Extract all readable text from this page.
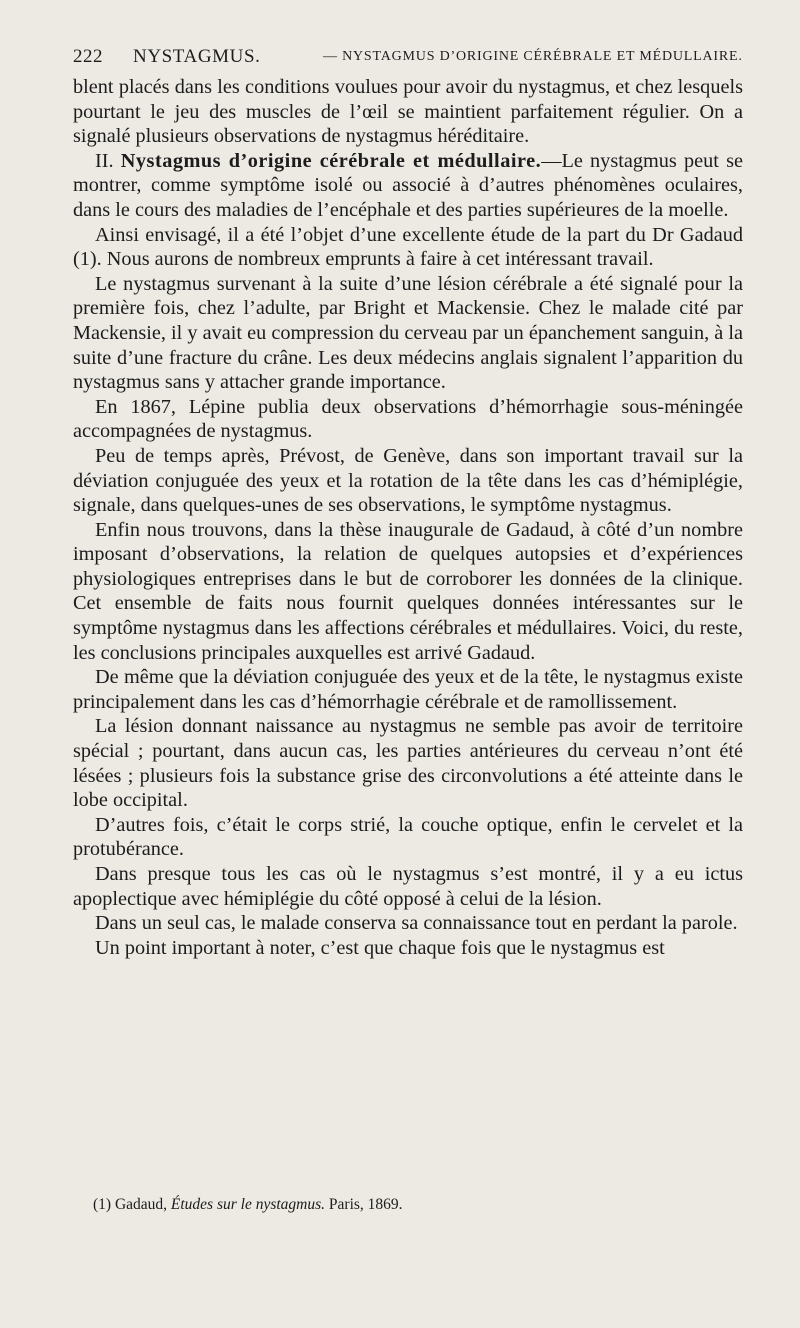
222 NYSTAGMUS.	— NYSTAGMUS D’ORIGINE CÉRÉBRALE ET MÉDULLAIRE.

blent placés dans les conditions voulues pour avoir du nystagmus, et chez lesquels pourtant le jeu des muscles de l’œil se maintient parfaitement régulier. On a signalé plusieurs observations de nystagmus héréditaire.

II. Nystagmus d’origine cérébrale et médullaire.—Le nystagmus peut se montrer, comme symptôme isolé ou associé à d’autres phénomènes oculaires, dans le cours des maladies de l’encéphale et des parties supérieures de la moelle.

Ainsi envisagé, il a été l’objet d’une excellente étude de la part du Dr Gadaud (1). Nous aurons de nombreux emprunts à faire à cet intéressant travail.

Le nystagmus survenant à la suite d’une lésion cérébrale a été signalé pour la première fois, chez l’adulte, par Bright et Mackensie. Chez le malade cité par Mackensie, il y avait eu compression du cerveau par un épanchement sanguin, à la suite d’une fracture du crâne. Les deux médecins anglais signalent l’apparition du nystagmus sans y attacher grande importance.

En 1867, Lépine publia deux observations d’hémorrhagie sous-méningée accompagnées de nystagmus.

Peu de temps après, Prévost, de Genève, dans son important travail sur la déviation conjuguée des yeux et la rotation de la tête dans les cas d’hémiplégie, signale, dans quelques-unes de ses observations, le symptôme nystagmus.

Enfin nous trouvons, dans la thèse inaugurale de Gadaud, à côté d’un nombre imposant d’observations, la relation de quelques autopsies et d’expériences physiologiques entreprises dans le but de corroborer les données de la clinique. Cet ensemble de faits nous fournit quelques données intéressantes sur le symptôme nystagmus dans les affections cérébrales et médullaires. Voici, du reste, les conclusions principales auxquelles est arrivé Gadaud.

De même que la déviation conjuguée des yeux et de la tête, le nystagmus existe principalement dans les cas d’hémorrhagie cérébrale et de ramollissement.

La lésion donnant naissance au nystagmus ne semble pas avoir de territoire spécial ; pourtant, dans aucun cas, les parties antérieures du cerveau n’ont été lésées ; plusieurs fois la substance grise des circonvolutions a été atteinte dans le lobe occipital.

D’autres fois, c’était le corps strié, la couche optique, enfin le cervelet et la protubérance.

Dans presque tous les cas où le nystagmus s’est montré, il y a eu ictus apoplectique avec hémiplégie du côté opposé à celui de la lésion.

Dans un seul cas, le malade conserva sa connaissance tout en perdant la parole.

Un point important à noter, c’est que chaque fois que le nystagmus est

(1) Gadaud, Études sur le nystagmus. Paris, 1869.
